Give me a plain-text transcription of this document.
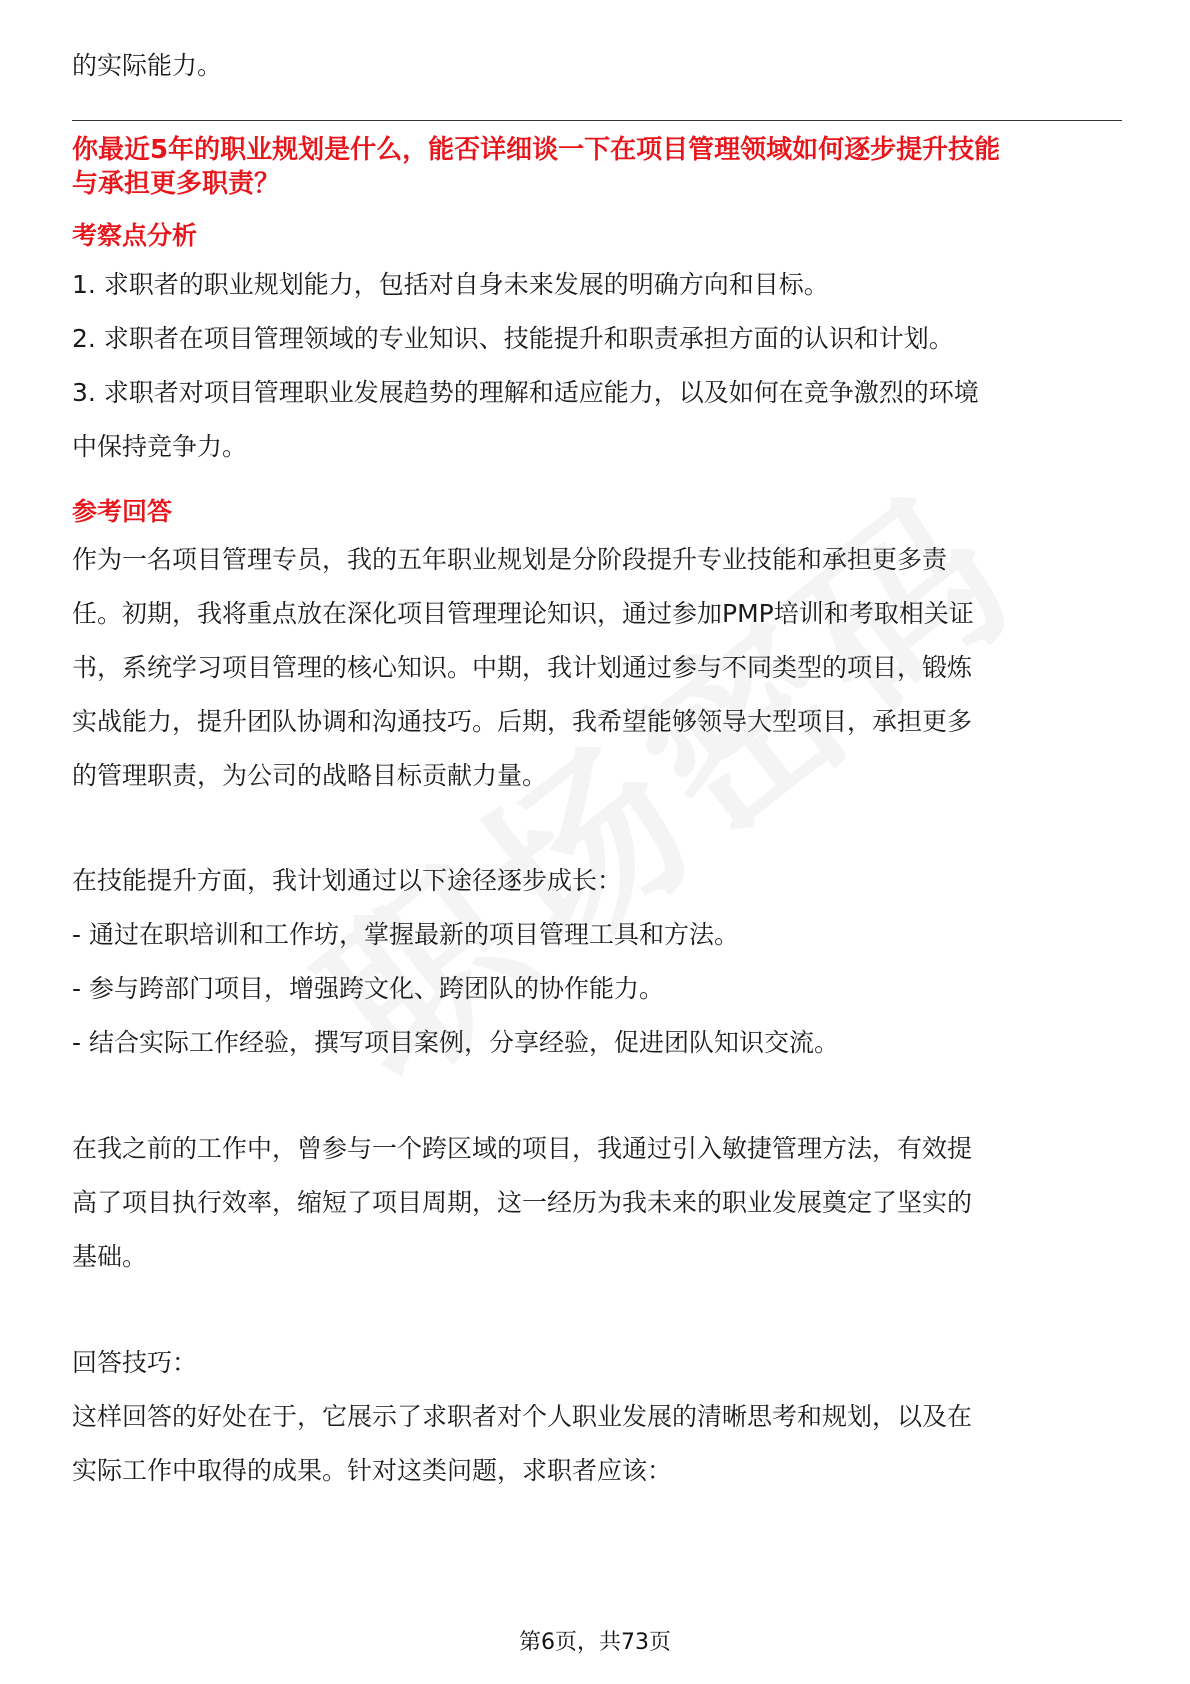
的实际能力。

你最近5年的职业规划是什么，能否详细谈一下在项目管理领域如何逐步提升技能

与承担更多职责？

考察点分析

1. 求职者的职业规划能力，包括对自身未来发展的明确方向和目标。

2. 求职者在项目管理领域的专业知识、技能提升和职责承担方面的认识和计划。

3. 求职者对项目管理职业发展趋势的理解和适应能力，以及如何在竞争激烈的环境

中保持竞争力。

参考回答

作为一名项目管理专员，我的五年职业规划是分阶段提升专业技能和承担更多责

任。初期，我将重点放在深化项目管理理论知识，通过参加PMP培训和考取相关证

书，系统学习项目管理的核心知识。中期，我计划通过参与不同类型的项目，锻炼

实战能力，提升团队协调和沟通技巧。后期，我希望能够领导大型项目，承担更多

的管理职责，为公司的战略目标贡献力量。

在技能提升方面，我计划通过以下途径逐步成长：

- 通过在职培训和工作坊，掌握最新的项目管理工具和方法。

- 参与跨部门项目，增强跨文化、跨团队的协作能力。

- 结合实际工作经验，撰写项目案例，分享经验，促进团队知识交流。

在我之前的工作中，曾参与一个跨区域的项目，我通过引入敏捷管理方法，有效提

高了项目执行效率，缩短了项目周期，这一经历为我未来的职业发展奠定了坚实的

基础。

回答技巧：

这样回答的好处在于，它展示了求职者对个人职业发展的清晰思考和规划，以及在

实际工作中取得的成果。针对这类问题，求职者应该：

第6页，共73页
